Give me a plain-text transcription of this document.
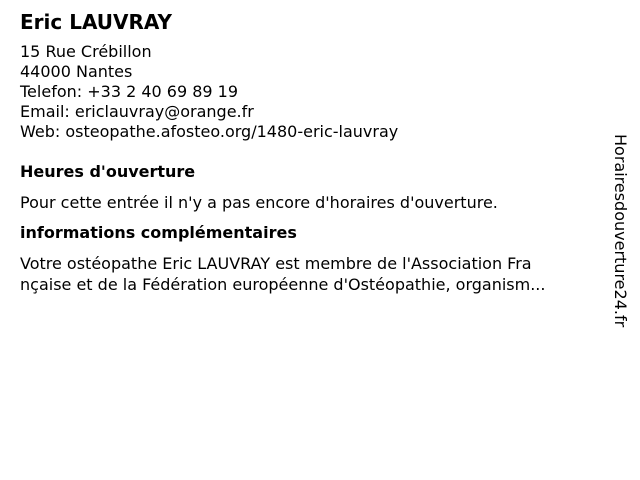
Eric LAUVRAY
15 Rue Crébillon
44000 Nantes
Telefon: +33 2 40 69 89 19
Email: ericlauvray@orange.fr
Web: osteopathe.afosteo.org/1480-eric-lauvray
Heures d'ouverture
Pour cette entrée il n'y a pas encore d'horaires d'ouverture.
informations complémentaires
Votre ostéopathe Eric LAUVRAY est membre de l'Association Fra
nçaise et de la Fédération européenne d'Ostéopathie, organism...	Horairesdouverture24.fr
